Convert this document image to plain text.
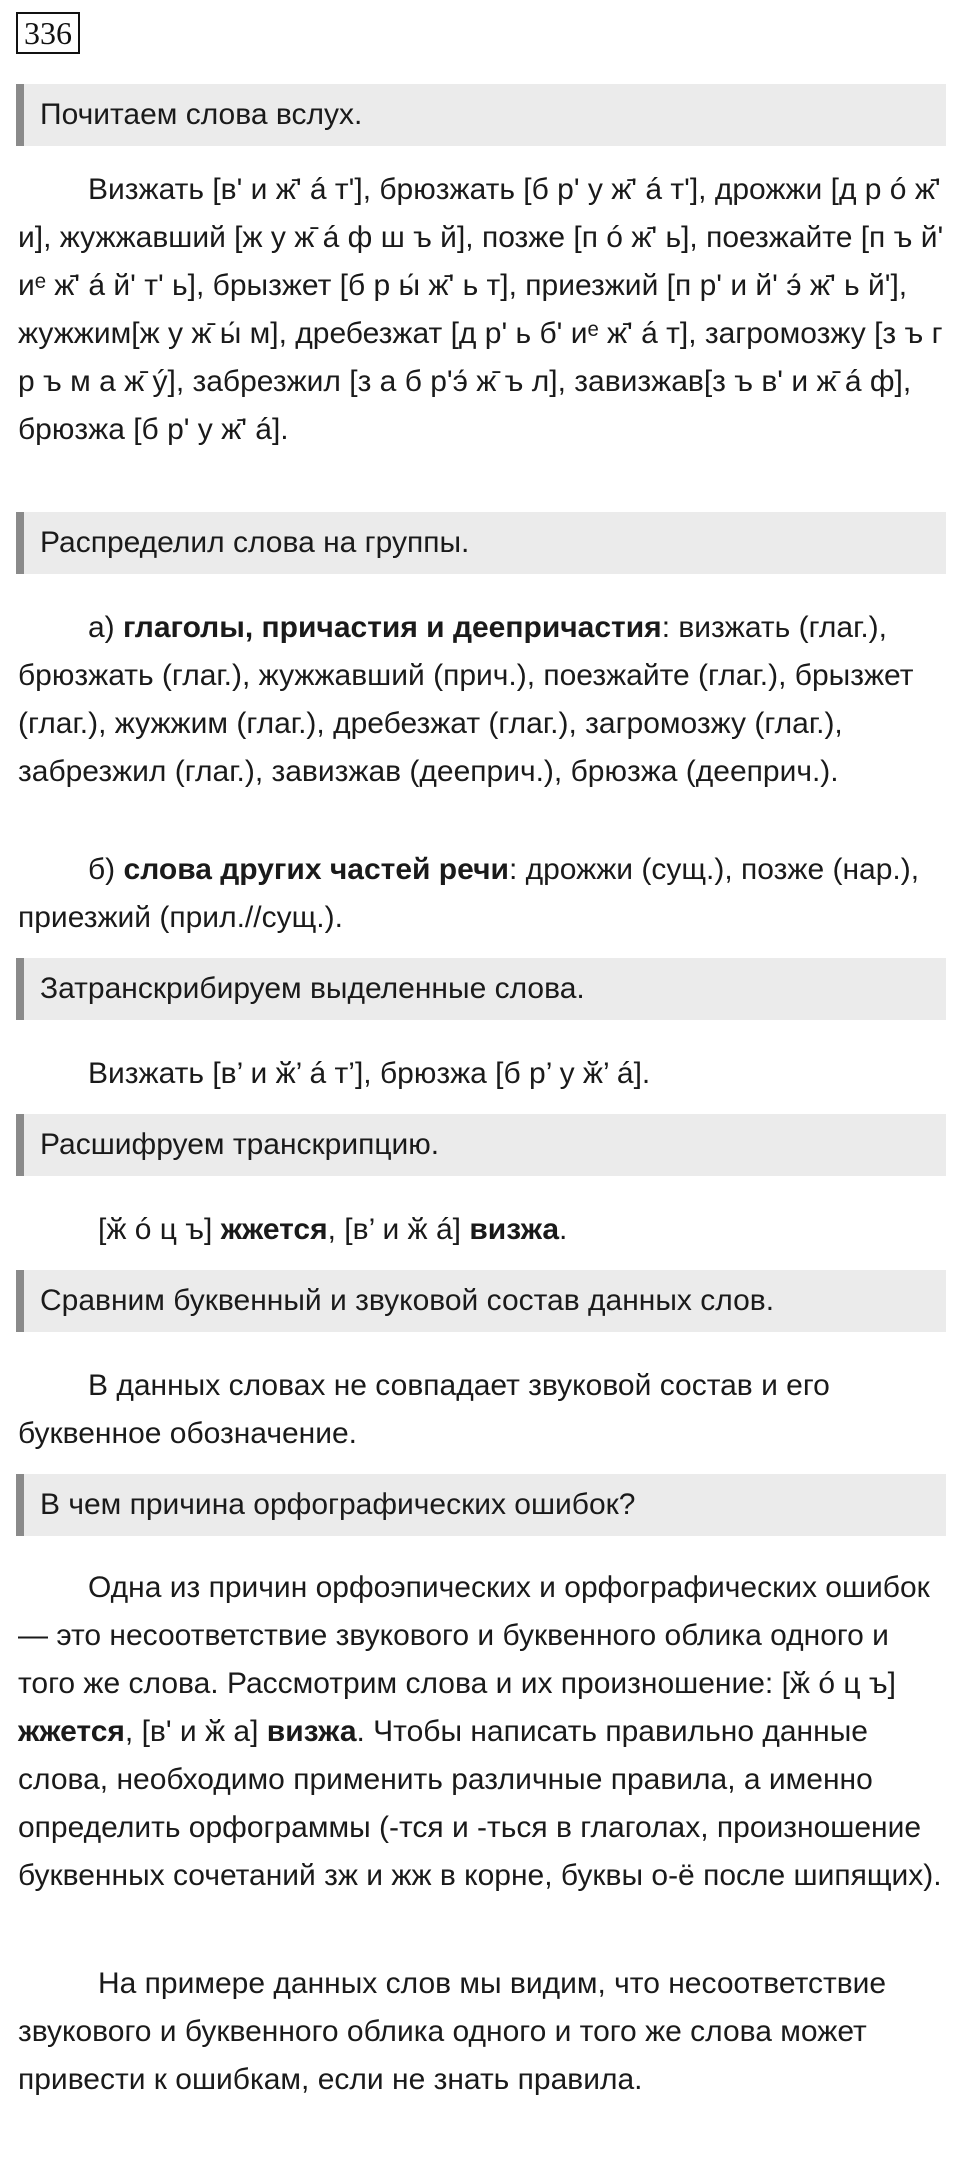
336
Почитаем слова вслух.

Визжать [в' и ж̄' á т'], брюзжать [б р' у ж̄' á т'], дрожжи [д р ó ж̄' и], жужжавший [ж у ж̄ á ф ш ъ й], позже [п ó ж̄' ь], поезжайте [п ъ й' иᵉ ж̄' á й' т' ь], брызжет [б р ы́ ж̄' ь т], приезжий [п р' и й' э́ ж̄' ь й'], жужжим[ж у ж̄ ы́ м], дребезжат [д р' ь б' иᵉ ж̄' á т], загромозжу [з ъ г р ъ м а ж̄ ý], забрезжил [з а б р'э́ ж̄ ъ л], завизжав[з ъ в' и ж̄ á ф], брюзжа [б р' у ж̄' á].

Распределил слова на группы.

а) глаголы, причастия и деепричастия: визжать (глаг.), брюзжать (глаг.), жужжавший (прич.), поезжайте (глаг.), брызжет (глаг.), жужжим (глаг.), дребезжат (глаг.), загромозжу (глаг.), забрезжил (глаг.), завизжав (дееприч.), брюзжа (дееприч.).

б) слова других частей речи: дрожжи (сущ.), позже (нар.), приезжий (прил.//сущ.).

Затранскрибируем выделенные слова.

Визжать [в’ и ӂ’ á т’], брюзжа [б р’ у ӂ’ á].

Расшифруем транскрипцию.

[ӂ ó ц ъ] жжется, [в’ и ӂ á] визжа.

Сравним буквенный и звуковой состав данных слов.

В данных словах не совпадает звуковой состав и его буквенное обозначение.

В чем причина орфографических ошибок?

Одна из причин орфоэпических и орфографических ошибок — это несоответствие звукового и буквенного облика одного и того же слова. Рассмотрим слова и их произношение: [ӂ ó ц ъ] жжется, [в' и ӂ а] визжа. Чтобы написать правильно данные слова, необходимо применить различные правила, а именно определить орфограммы (-тся и -ться в глаголах, произношение буквенных сочетаний зж и жж в корне, буквы о-ё после шипящих).

На примере данных слов мы видим, что несоответствие звукового и буквенного облика одного и того же слова может привести к ошибкам, если не знать правила.
